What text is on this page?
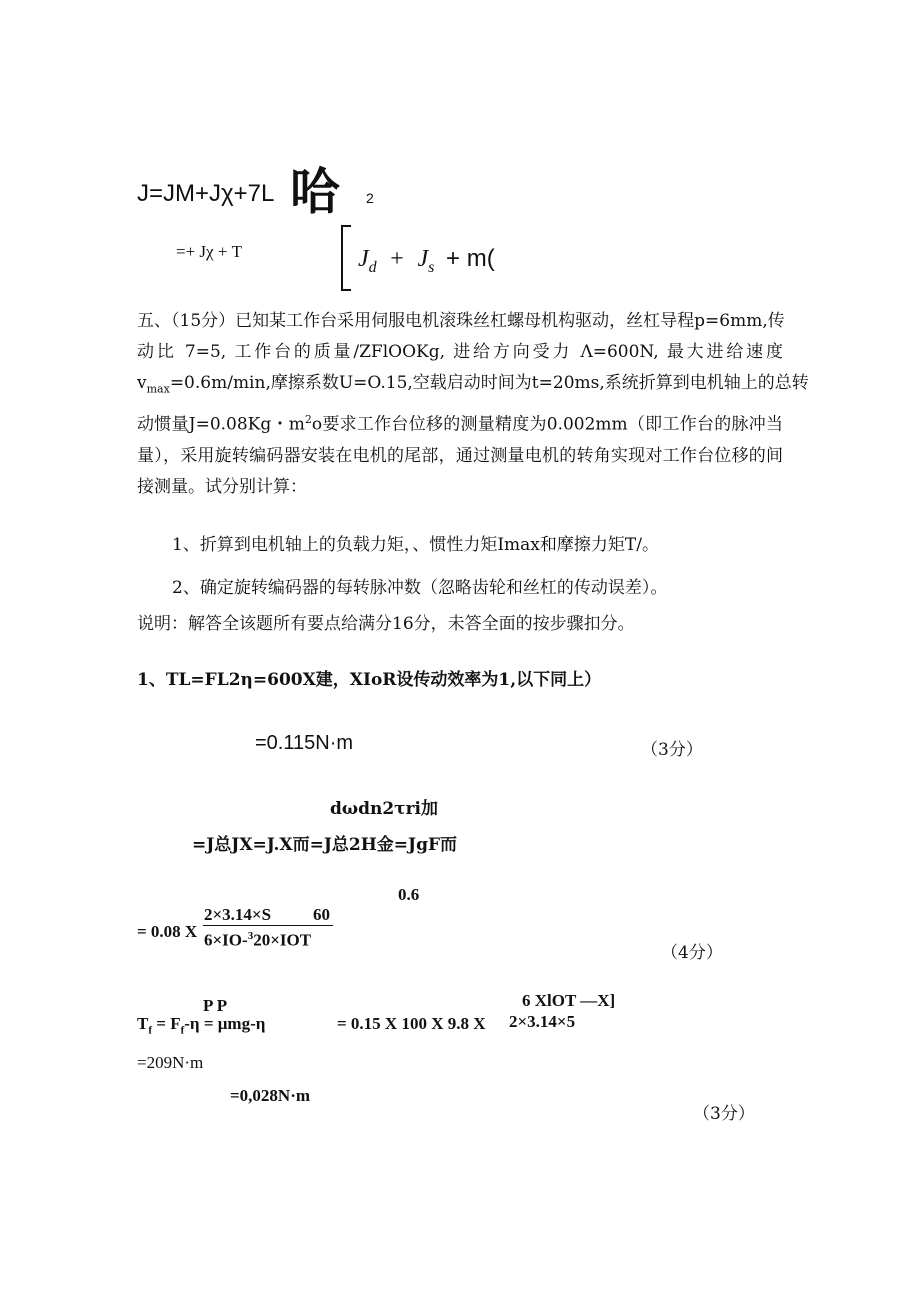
J=JM+Jχ+7L 哈 2
=+ Jχ + T	$J_d + J_s + m$(
五、（15分）已知某工作台采用伺服电机滚珠丝杠螺母机构驱动，丝杠导程p=6mm,传
动比 7=5, 工作台的质量/ZFlOOKg, 进给方向受力 Λ=600N, 最大进给速度
$v_{max}=0.6m/\min$,摩擦系数U=O.15,空载启动时间为t=20ms,系统折算到电机轴上的总转
动惯量J=0.08Kg・$m^2o$要求工作台位移的测量精度为0.002mm（即工作台的脉冲当
量），采用旋转编码器安装在电机的尾部，通过测量电机的转角实现对工作台位移的间
接测量。试分别计算：
1、折算到电机轴上的负载力矩，、惯性力矩Imax和摩擦力矩T/。
2、确定旋转编码器的每转脉冲数（忽略齿轮和丝杠的传动误差）。
说明：解答全该题所有要点给满分16分，未答全面的按步骤扣分。
1、TL=FL2η=600X建，XIoR设传动效率为1,以下同上）
=0.115N·m	（3分）
dωdn2τri加
=J总JX=J.X而=J总2H金=JgF而
0.6
2×3.14×S 60
= 0.08 X 6×IO-$^3$20×IOT
（4分）
P P	6 XlOT —X]
$T_f = F_f-\eta = \mu mg-\eta$	= 0.15 X 100 X 9.8 X 2×3.14×5
=209N·m
=0,028N·m
（3分）
